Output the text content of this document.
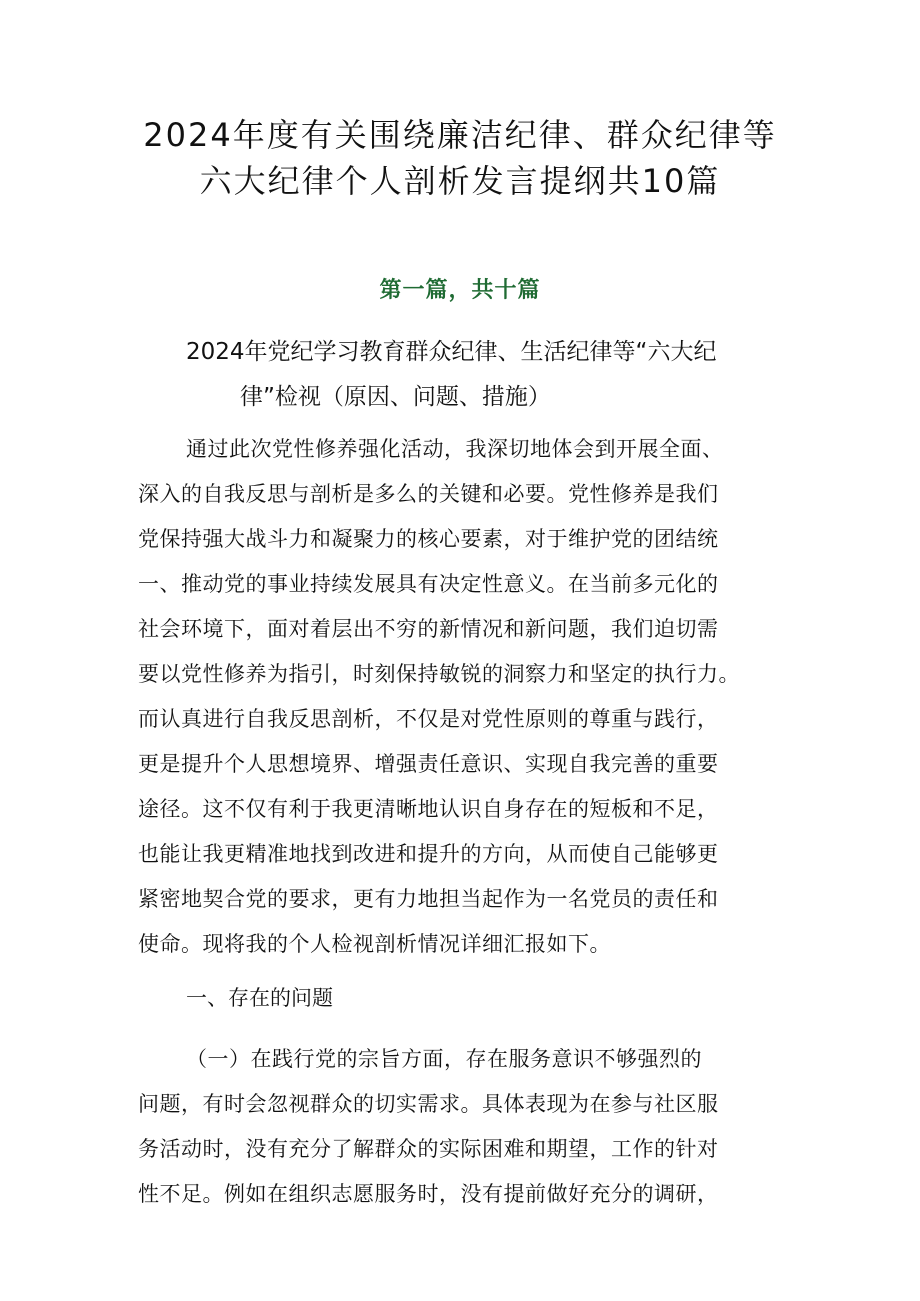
2024年度有关围绕廉洁纪律、群众纪律等
六大纪律个人剖析发言提纲共10篇
第一篇，共十篇
2024年党纪学习教育群众纪律、生活纪律等“六大纪
律”检视（原因、问题、措施）
通过此次党性修养强化活动，我深切地体会到开展全面、
深入的自我反思与剖析是多么的关键和必要。党性修养是我们
党保持强大战斗力和凝聚力的核心要素，对于维护党的团结统
一、推动党的事业持续发展具有决定性意义。在当前多元化的
社会环境下，面对着层出不穷的新情况和新问题，我们迫切需
要以党性修养为指引，时刻保持敏锐的洞察力和坚定的执行力。
而认真进行自我反思剖析，不仅是对党性原则的尊重与践行，
更是提升个人思想境界、增强责任意识、实现自我完善的重要
途径。这不仅有利于我更清晰地认识自身存在的短板和不足，
也能让我更精准地找到改进和提升的方向，从而使自己能够更
紧密地契合党的要求，更有力地担当起作为一名党员的责任和
使命。现将我的个人检视剖析情况详细汇报如下。
一、存在的问题
（一）在践行党的宗旨方面，存在服务意识不够强烈的
问题，有时会忽视群众的切实需求。具体表现为在参与社区服
务活动时，没有充分了解群众的实际困难和期望，工作的针对
性不足。例如在组织志愿服务时，没有提前做好充分的调研，
